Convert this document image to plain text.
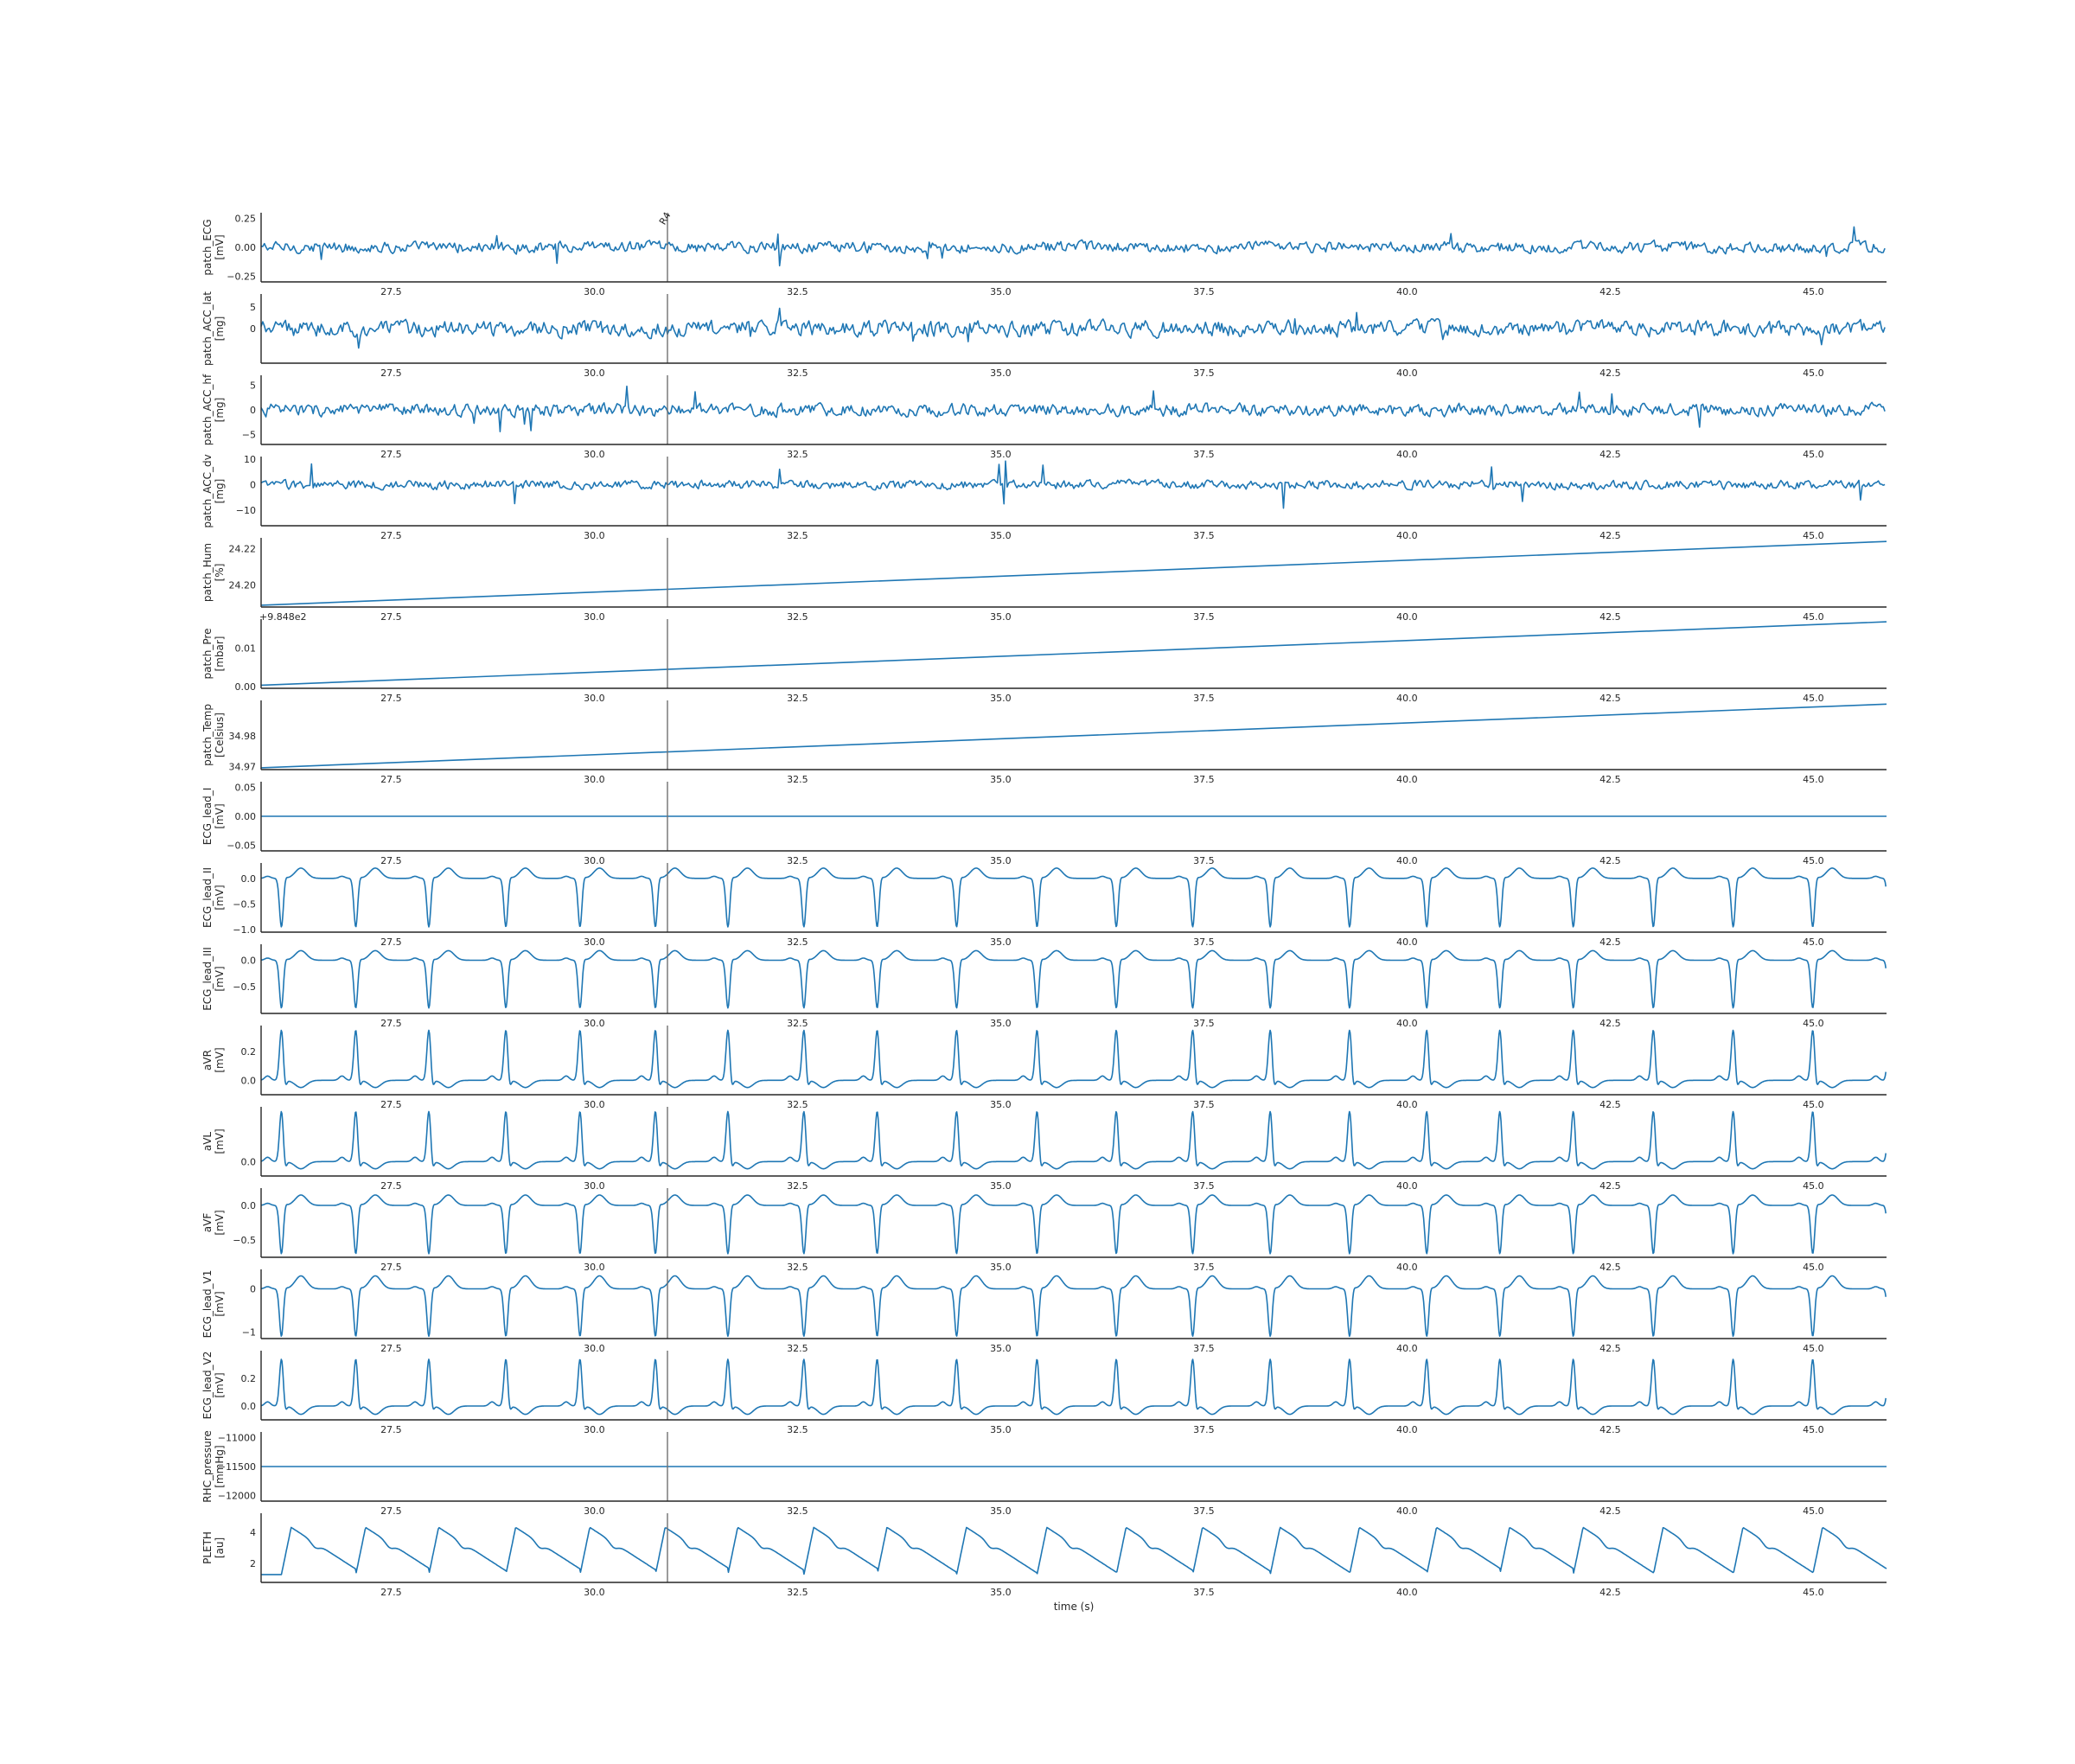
0.25
0.00
−0.25
27.5	30.0	32.5	35.0	37.5	40.0	42.5	45.0
patch_ECG[mV]
5
0
27.5	30.0	32.5	35.0	37.5	40.0	42.5	45.0
patch_ACC_lat[mg]
5
0
−5
27.5	30.0	32.5	35.0	37.5	40.0	42.5	45.0
patch_ACC_hf[mg]
10
0
−10
27.5	30.0	32.5	35.0	37.5	40.0	42.5	45.0
patch_ACC_dv[mg]
24.22
24.20
27.5	30.0	32.5	35.0	37.5	40.0	42.5	45.0
+9.848e2
patch_Hum[%]
0.01
0.00
27.5	30.0	32.5	35.0	37.5	40.0	42.5	45.0
patch_Pre[mbar]
34.98
34.97
27.5	30.0	32.5	35.0	37.5	40.0	42.5	45.0
patch_Temp[Celsius]
0.05
0.00
−0.05
27.5	30.0	32.5	35.0	37.5	40.0	42.5	45.0
ECG_lead_I[mV]
0.0
−0.5
−1.0
27.5	30.0	32.5	35.0	37.5	40.0	42.5	45.0
ECG_lead_II[mV]
0.0
−0.5
27.5	30.0	32.5	35.0	37.5	40.0	42.5	45.0
ECG_lead_III[mV]
0.2
0.0
27.5	30.0	32.5	35.0	37.5	40.0	42.5	45.0
aVR[mV]
0.0
27.5	30.0	32.5	35.0	37.5	40.0	42.5	45.0
aVL[mV]
0.0
−0.5
27.5	30.0	32.5	35.0	37.5	40.0	42.5	45.0
aVF[mV]
0
−1
27.5	30.0	32.5	35.0	37.5	40.0	42.5	45.0
ECG_lead_V1[mV]
0.2
0.0
27.5	30.0	32.5	35.0	37.5	40.0	42.5	45.0
ECG_lead_V2[mV]
−11000
−11500
−12000
27.5	30.0	32.5	35.0	37.5	40.0	42.5	45.0
RHC_pressure[mmHg]
4
2
27.5	30.0	32.5	35.0	37.5	40.0	42.5	45.0
PLETH[au]
R4
time (s)
